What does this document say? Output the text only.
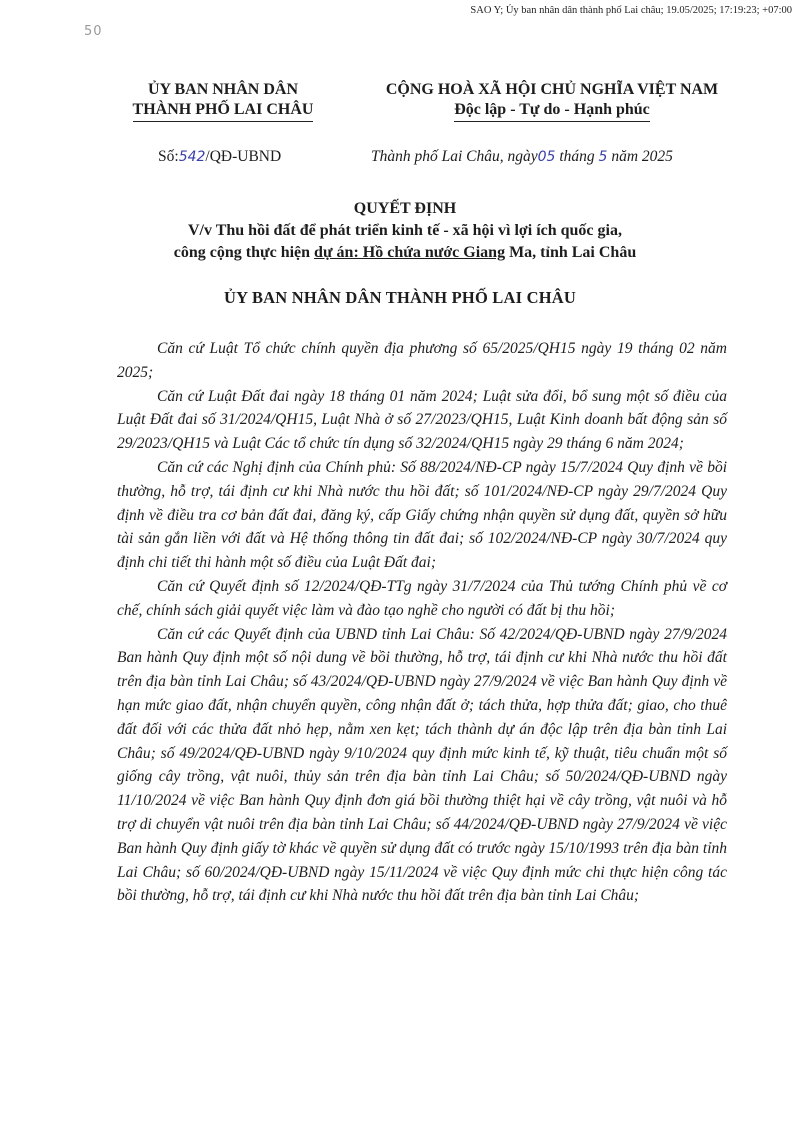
SAO Y; Ủy ban nhân dân thành phố Lai châu; 19.05/2025; 17:19:23; +07:00
50
ỦY BAN NHÂN DÂN
THÀNH PHỐ LAI CHÂU
CỘNG HOÀ XÃ HỘI CHỦ NGHĨA VIỆT NAM
Độc lập - Tự do - Hạnh phúc
Số:542/QĐ-UBND	Thành phố Lai Châu, ngày05 tháng 5 năm 2025
QUYẾT ĐỊNH
V/v Thu hồi đất để phát triển kinh tế - xã hội vì lợi ích quốc gia,
công cộng thực hiện dự án: Hồ chứa nước Giang Ma, tỉnh Lai Châu
ỦY BAN NHÂN DÂN THÀNH PHỐ LAI CHÂU

Căn cứ Luật Tổ chức chính quyền địa phương số 65/2025/QH15 ngày 19 tháng 02 năm 2025;

Căn cứ Luật Đất đai ngày 18 tháng 01 năm 2024; Luật sửa đổi, bổ sung một số điều của Luật Đất đai số 31/2024/QH15, Luật Nhà ở số 27/2023/QH15, Luật Kinh doanh bất động sản số 29/2023/QH15 và Luật Các tổ chức tín dụng số 32/2024/QH15 ngày 29 tháng 6 năm 2024;

Căn cứ các Nghị định của Chính phủ: Số 88/2024/NĐ-CP ngày 15/7/2024 Quy định về bồi thường, hỗ trợ, tái định cư khi Nhà nước thu hồi đất; số 101/2024/NĐ-CP ngày 29/7/2024 Quy định về điều tra cơ bản đất đai, đăng ký, cấp Giấy chứng nhận quyền sử dụng đất, quyền sở hữu tài sản gắn liền với đất và Hệ thống thông tin đất đai; số 102/2024/NĐ-CP ngày 30/7/2024 quy định chi tiết thi hành một số điều của Luật Đất đai;

Căn cứ Quyết định số 12/2024/QĐ-TTg ngày 31/7/2024 của Thủ tướng Chính phủ về cơ chế, chính sách giải quyết việc làm và đào tạo nghề cho người có đất bị thu hồi;

Căn cứ các Quyết định của UBND tỉnh Lai Châu: Số 42/2024/QĐ-UBND ngày 27/9/2024 Ban hành Quy định một số nội dung về bồi thường, hỗ trợ, tái định cư khi Nhà nước thu hồi đất trên địa bàn tỉnh Lai Châu; số 43/2024/QĐ-UBND ngày 27/9/2024 về việc Ban hành Quy định về hạn mức giao đất, nhận chuyển quyền, công nhận đất ở; tách thửa, hợp thửa đất; giao, cho thuê đất đối với các thửa đất nhỏ hẹp, nằm xen kẹt; tách thành dự án độc lập trên địa bàn tỉnh Lai Châu; số 49/2024/QĐ-UBND ngày 9/10/2024 quy định mức kinh tế, kỹ thuật, tiêu chuẩn một số giống cây trồng, vật nuôi, thủy sản trên địa bàn tỉnh Lai Châu; số 50/2024/QĐ-UBND ngày 11/10/2024 về việc Ban hành Quy định đơn giá bồi thường thiệt hại về cây trồng, vật nuôi và hỗ trợ di chuyển vật nuôi trên địa bàn tỉnh Lai Châu; số 44/2024/QĐ-UBND ngày 27/9/2024 về việc Ban hành Quy định giấy tờ khác về quyền sử dụng đất có trước ngày 15/10/1993 trên địa bàn tỉnh Lai Châu; số 60/2024/QĐ-UBND ngày 15/11/2024 về việc Quy định mức chi thực hiện công tác bồi thường, hỗ trợ, tái định cư khi Nhà nước thu hồi đất trên địa bàn tỉnh Lai Châu;
